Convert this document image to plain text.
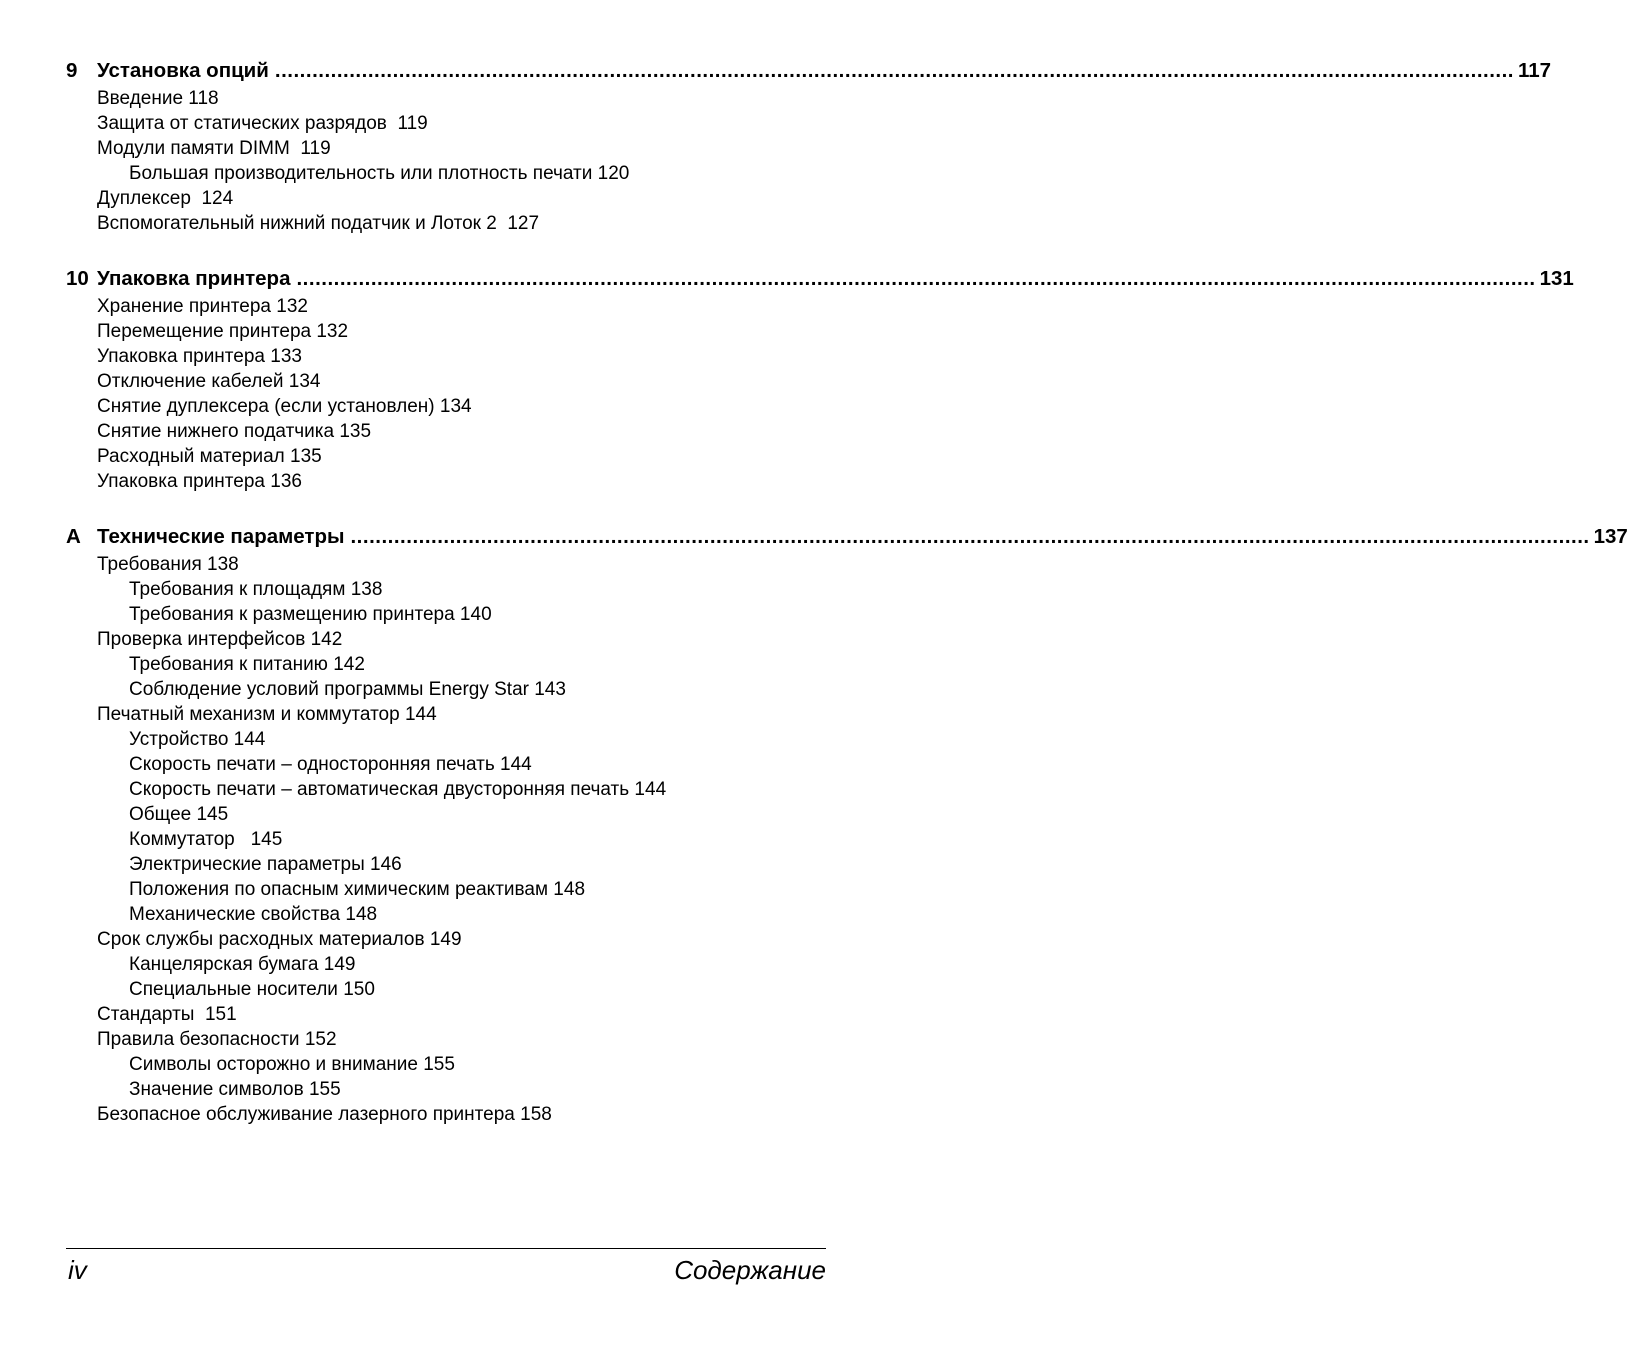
9 Установка опций ........................................................................................................................................................................................................ 117
Введение 118
Защита от статических разрядов  119
Модули памяти DIMM  119
Большая производительность или плотность печати 120
Дуплексер  124
Вспомогательный нижний податчик и Лоток 2  127
10 Упаковка принтера ........................................................................................................................................................................................................ 131
Хранение принтера 132
Перемещение принтера 132
Упаковка принтера 133
Отключение кабелей 134
Снятие дуплексера (если установлен) 134
Снятие нижнего податчика 135
Расходный материал 135
Упаковка принтера 136
A Технические параметры ........................................................................................................................................................................................................ 137
Требования 138
Требования к площадям 138
Требования к размещению принтера 140
Проверка интерфейсов 142
Требования к питанию 142
Соблюдение условий программы Energy Star 143
Печатный механизм и коммутатор 144
Устройство 144
Скорость печати – односторонняя печать 144
Скорость печати – автоматическая двусторонняя печать 144
Общее 145
Коммутатор   145
Электрические параметры 146
Положения по опасным химическим реактивам 148
Механические свойства 148
Срок службы расходных материалов 149
Канцелярская бумага 149
Специальные носители 150
Стандарты  151
Правила безопасности 152
Символы осторожно и внимание 155
Значение символов 155
Безопасное обслуживание лазерного принтера 158
iv	Содержание
